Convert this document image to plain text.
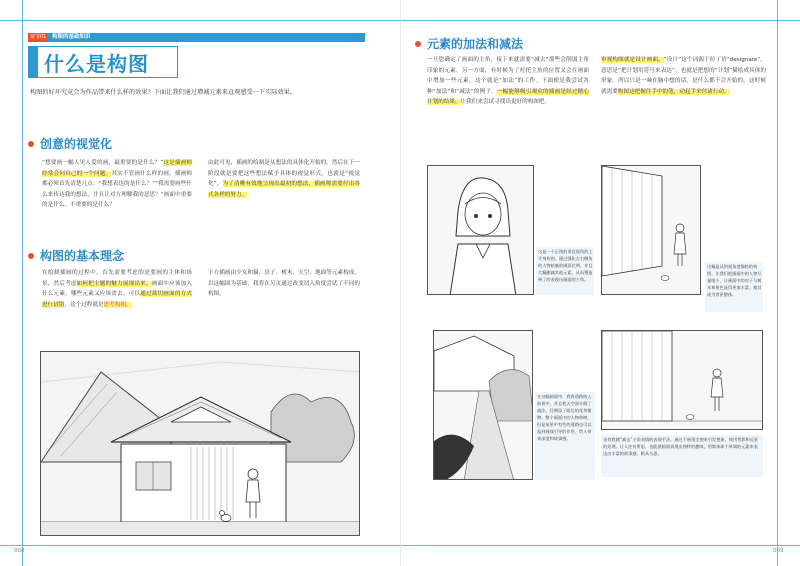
章节01 构图的基础知识
什么是构图
构图的好坏究竟会为作品带来什么样的效果？下面让我们通过增减元素来直观感受一下实际效果。
创意的视觉化
“想要画一幅人见人爱的画，最重要的是什么？”这是插画师经常会问自己的一个问题。其实不管画什么样的画，插画师都必须首先清楚几点：“我想表达的是什么？”“我需要画些什么来传达我的想法，并且让对方理解我的意思？”画面中重要的是什么、不重要的是什么？
由此可见，插画的绘制是从想法的具体化开始的。然后在下一阶段就是要把这些想法赋予具体的视觉形式，也就是“视觉化”。为了清晰有效地呈现出最初的想法，插画师需要付出各式各样的努力。
构图的基本理念
在绘制插画的过程中，首先需要考虑的是要画的主体和场景，然后考虑如何把主题的魅力展现出来。画面中应该加入什么元素，哪些元素又应该省去。可以通过裁切画面的方式进行试错，这个过程就是思考构图。
下方插画由少女和猫、房子、树木、天空、地面等元素构成。以这幅图为基础，我将在另页通过改变切入角度尝试了不同的构图。
008
元素的加法和减法
一旦您确定了画面的主角，接下来就需要“减去”那些会削弱主角印象的元素。另一方面，有时候为了衬托主角的位置又会在画面中增加一些元素，这个就是“加法”的工作。下面便是我尝试各种“加法”和“减法”的例子。一幅能够吸引观众的插画是经过精心计划的结果，让我们来尝试寻找出更好的构图吧。
审视构图就是设计画面。“设计”这个词源于拉丁语“designare”，意思是“把计划用符号来表达”，也就是把想的“计划”描绘成具体的形象。所以只是一味在脑中想的话，是什么都不会开始的。这时候就需要构图这把握住手中的笔，动起手来付诸行动。
这是一个正统的垂直视角的上半身构图。通过强化左右侧角的人物轮廓的画面比例，并且大幅删减其他元素，从而塑造到了的表现出画面的主角。
这幅是从斜视角度描绘的构图。让我们把画面中的人物尽量缩小，让画面中的房子与树木和景色显得更加丰富，使其成为背景整体。
在这幅画面中，我将道路纳入前景中，并且把天空部分做了减法。还增添了路边的花草植物。整个画面中的人物和树，但是前景中有些的道路也可以起到视线引导的作用，给人带来深度和故事感。	也有我随“减去”主角表情的表现手法。通过不展现全貌来引发想象，使用背影和远景的处理。让人往有所思，也能使画面表现出独特的趣味，用简单却不单调的元素来表达出丰富的故事感，极具巧思。
009
